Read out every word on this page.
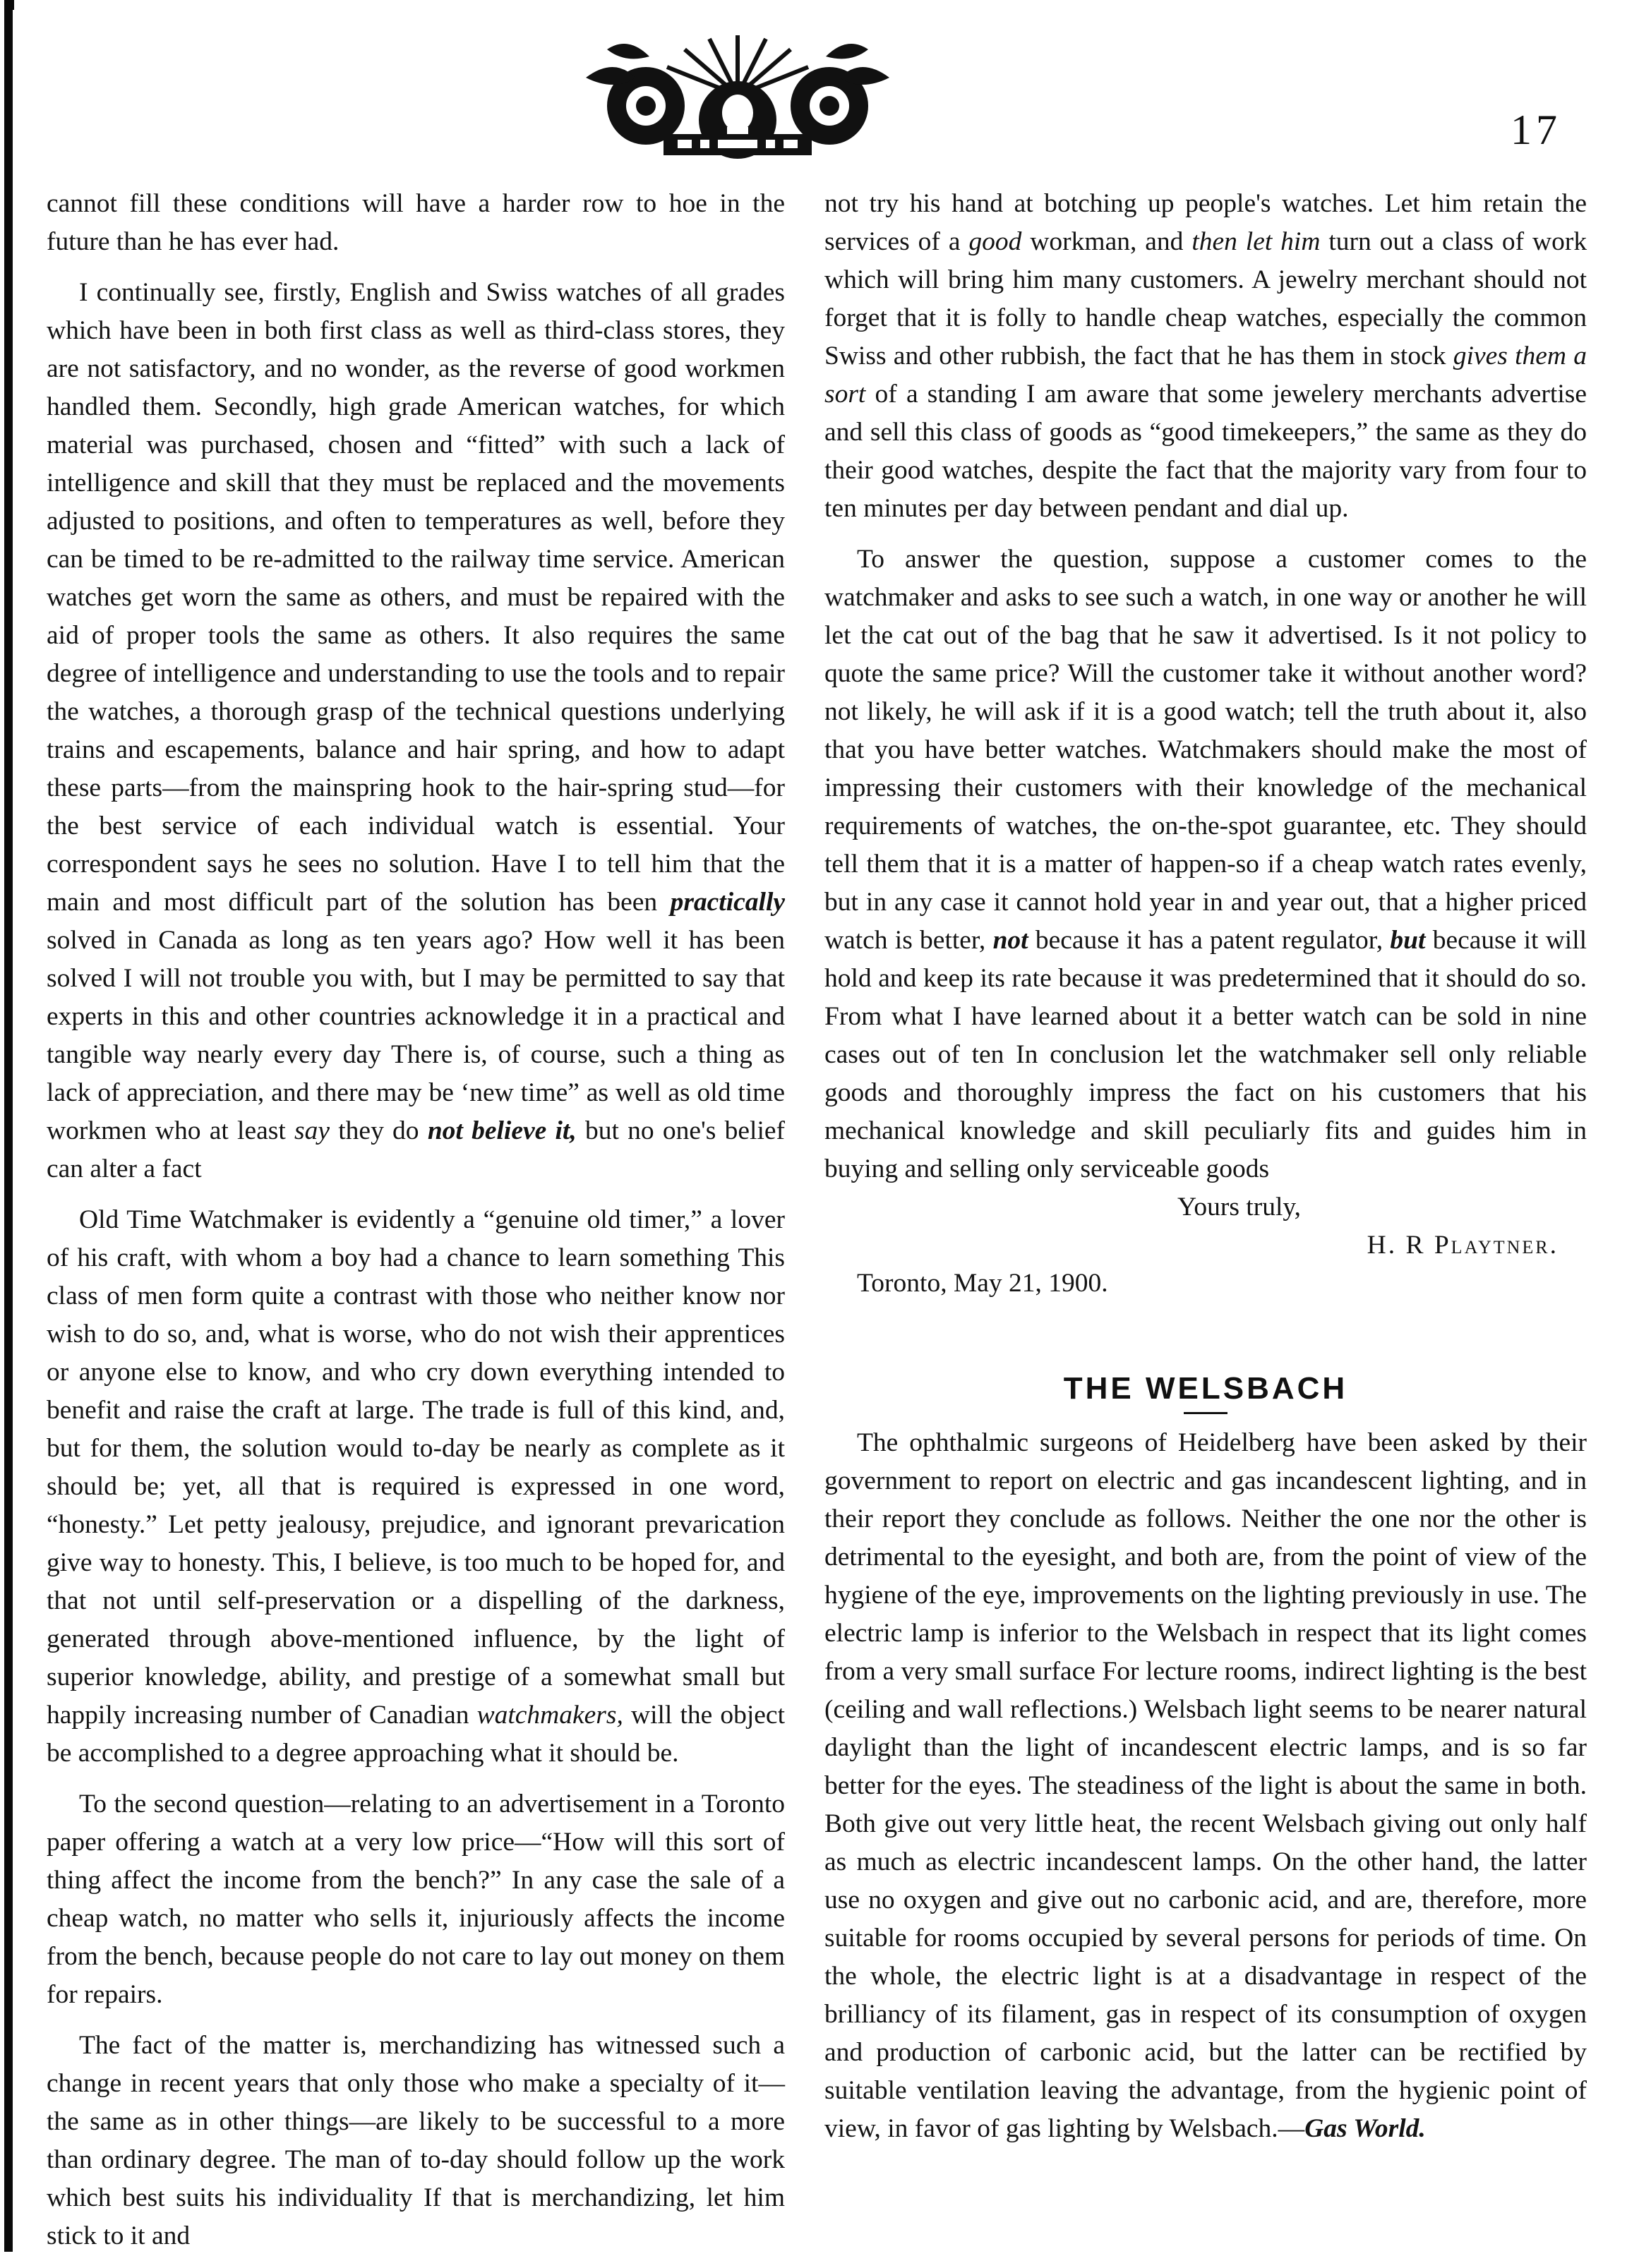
17

cannot fill these conditions will have a harder row to hoe in the future than he has ever had.

I continually see, firstly, English and Swiss watches of all grades which have been in both first class as well as third-class stores, they are not satisfactory, and no wonder, as the reverse of good workmen handled them. Secondly, high grade American watches, for which material was purchased, chosen and “fitted” with such a lack of intelligence and skill that they must be replaced and the movements adjusted to positions, and often to temperatures as well, before they can be timed to be re-admitted to the railway time service. American watches get worn the same as others, and must be repaired with the aid of proper tools the same as others. It also requires the same degree of intelligence and understanding to use the tools and to repair the watches, a thorough grasp of the technical questions underlying trains and escapements, balance and hair spring, and how to adapt these parts—from the mainspring hook to the hair-spring stud—for the best service of each individual watch is essential. Your correspondent says he sees no solution. Have I to tell him that the main and most difficult part of the solution has been practically solved in Canada as long as ten years ago? How well it has been solved I will not trouble you with, but I may be permitted to say that experts in this and other countries acknowledge it in a practical and tangible way nearly every day There is, of course, such a thing as lack of appreciation, and there may be ‘new time” as well as old time workmen who at least say they do not believe it, but no one's belief can alter a fact

Old Time Watchmaker is evidently a “genuine old timer,” a lover of his craft, with whom a boy had a chance to learn something This class of men form quite a contrast with those who neither know nor wish to do so, and, what is worse, who do not wish their apprentices or anyone else to know, and who cry down everything intended to benefit and raise the craft at large. The trade is full of this kind, and, but for them, the solution would to-day be nearly as complete as it should be; yet, all that is required is expressed in one word, “honesty.” Let petty jealousy, prejudice, and ignorant prevarication give way to honesty. This, I believe, is too much to be hoped for, and that not until self-preservation or a dispelling of the darkness, generated through above-mentioned influence, by the light of superior knowledge, ability, and prestige of a somewhat small but happily increasing number of Canadian watchmakers, will the object be accomplished to a degree approaching what it should be.

To the second question—relating to an advertisement in a Toronto paper offering a watch at a very low price—“How will this sort of thing affect the income from the bench?” In any case the sale of a cheap watch, no matter who sells it, injuriously affects the income from the bench, because people do not care to lay out money on them for repairs.

The fact of the matter is, merchandizing has witnessed such a change in recent years that only those who make a specialty of it—the same as in other things—are likely to be successful to a more than ordinary degree. The man of to-day should follow up the work which best suits his individuality If that is merchandizing, let him stick to it and

not try his hand at botching up people's watches. Let him retain the services of a good workman, and then let him turn out a class of work which will bring him many customers. A jewelry merchant should not forget that it is folly to handle cheap watches, especially the common Swiss and other rubbish, the fact that he has them in stock gives them a sort of a standing I am aware that some jewelery merchants advertise and sell this class of goods as “good timekeepers,” the same as they do their good watches, despite the fact that the majority vary from four to ten minutes per day between pendant and dial up.

To answer the question, suppose a customer comes to the watchmaker and asks to see such a watch, in one way or another he will let the cat out of the bag that he saw it advertised. Is it not policy to quote the same price? Will the customer take it without another word? not likely, he will ask if it is a good watch; tell the truth about it, also that you have better watches. Watchmakers should make the most of impressing their customers with their knowledge of the mechanical requirements of watches, the on-the-spot guarantee, etc. They should tell them that it is a matter of happen-so if a cheap watch rates evenly, but in any case it cannot hold year in and year out, that a higher priced watch is better, not because it has a patent regulator, but because it will hold and keep its rate because it was predetermined that it should do so. From what I have learned about it a better watch can be sold in nine cases out of ten In conclusion let the watchmaker sell only reliable goods and thoroughly impress the fact on his customers that his mechanical knowledge and skill peculiarly fits and guides him in buying and selling only serviceable goods

Yours truly,

H. R Playtner.

Toronto, May 21, 1900.

THE WELSBACH

The ophthalmic surgeons of Heidelberg have been asked by their government to report on electric and gas incandescent lighting, and in their report they conclude as follows. Neither the one nor the other is detrimental to the eyesight, and both are, from the point of view of the hygiene of the eye, improvements on the lighting previously in use. The electric lamp is inferior to the Welsbach in respect that its light comes from a very small surface For lecture rooms, indirect lighting is the best (ceiling and wall reflections.) Welsbach light seems to be nearer natural daylight than the light of incandescent electric lamps, and is so far better for the eyes. The steadiness of the light is about the same in both. Both give out very little heat, the recent Welsbach giving out only half as much as electric incandescent lamps. On the other hand, the latter use no oxygen and give out no carbonic acid, and are, therefore, more suitable for rooms occupied by several persons for periods of time. On the whole, the electric light is at a disadvantage in respect of the brilliancy of its filament, gas in respect of its consumption of oxygen and production of carbonic acid, but the latter can be rectified by suitable ventilation leaving the advantage, from the hygienic point of view, in favor of gas lighting by Welsbach.—Gas World.
